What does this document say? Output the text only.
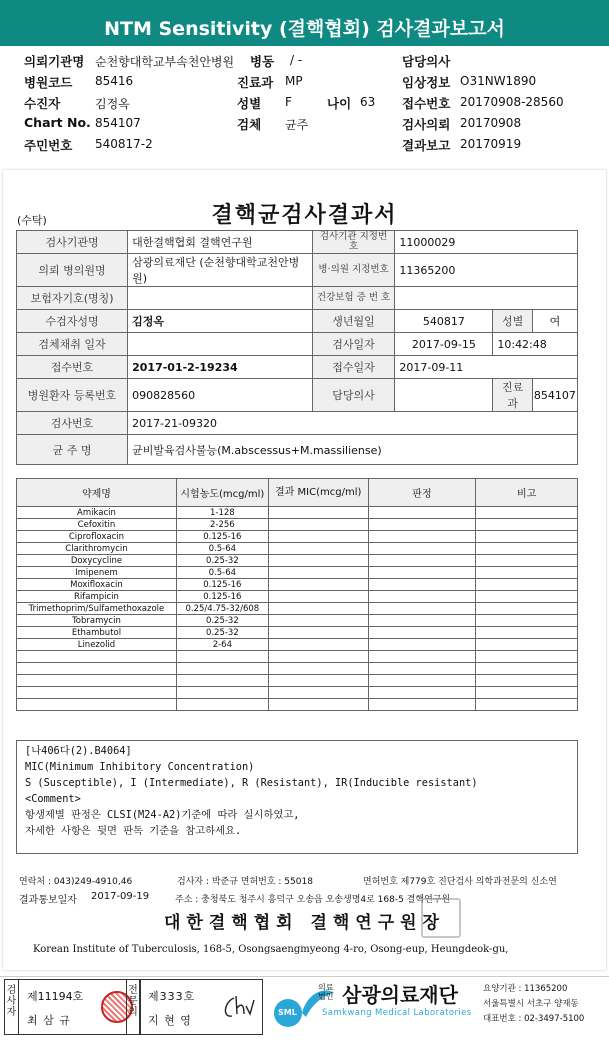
NTM Sensitivity (결핵협회) 검사결과보고서
의뢰기관명 순천향대학교부속천안병원 병동 / -	담당의사
병원코드 85416	진료과 MP	임상정보 O31NW1890
수진자	김정옥	성별 F	나이 63 접수번호 20170908-28560
Chart No. 854107	검체 균주	검사의뢰 20170908
주민번호 540817-2	결과보고 20170919
(수탁)	결핵균검사결과서
검사기관명	대한결핵협회 결핵연구원	검사기관 지정번호	11000029		
의뢰 병의원명	삼광의료재단 (순천향대학교천안병원)	병·의원 지정번호	11365200		
보험자기호(명칭)		건강보험 증 번 호			
수검자성명	김정옥	생년월일	540817	성별	여
검체채취 일자		검사일자	2017-09-15	10:42:48	
접수번호	2017-01-2-19234	접수일자	2017-09-11		
병원환자 등록번호	090828560	담당의사		진료과	854107
검사번호	2017-21-09320				
균 주 명	균비발육검사불능(M.abscessus+M.massiliense)				
약제명	시험농도(mcg/ml)	결과 MIC(mcg/ml)	판정	비고
Amikacin	1-128			
Cefoxitin	2-256			
Ciprofloxacin	0.125-16			
Clarithromycin	0.5-64			
Doxycycline	0.25-32			
Imipenem	0.5-64			
Moxifloxacin	0.125-16			
Rifampicin	0.125-16			
Trimethoprim/Sulfamethoxazole	0.25/4.75-32/608			
Tobramycin	0.25-32			
Ethambutol	0.25-32			
Linezolid	2-64			

[나406다(2).B4064]
MIC(Minimum Inhibitory Concentration)
S (Susceptible), I (Intermediate), R (Resistant), IR(Inducible resistant)
<Comment>
항생제별 판정은 CLSI(M24-A2)기준에 따라 실시하였고,
자세한 사항은 뒷면 판독 기준을 참고하세요.
연락처 : 043)249-4910,46	검사자 : 박준규 면허번호 : 55018	면허번호 제779호 진단검사 의학과전문의 신소연
결과통보일자 2017-09-19	주소 : 충청북도 청주시 흥덕구 오송읍 오송생명4로 168-5 결핵연구원
대한결핵협회 결핵연구원장
Korean Institute of Tuberculosis, 168-5, Osongsaengmyeong 4-ro, Osong-eup, Heungdeok-gu,
검사자
제11194호
최 삼 규
전문의
제333호
지 현 영
SML
의료법인 삼광의료재단
Samkwang Medical Laboratories
요양기관 : 11365200
서울특별시 서초구 양재동
대표번호 : 02-3497-5100
